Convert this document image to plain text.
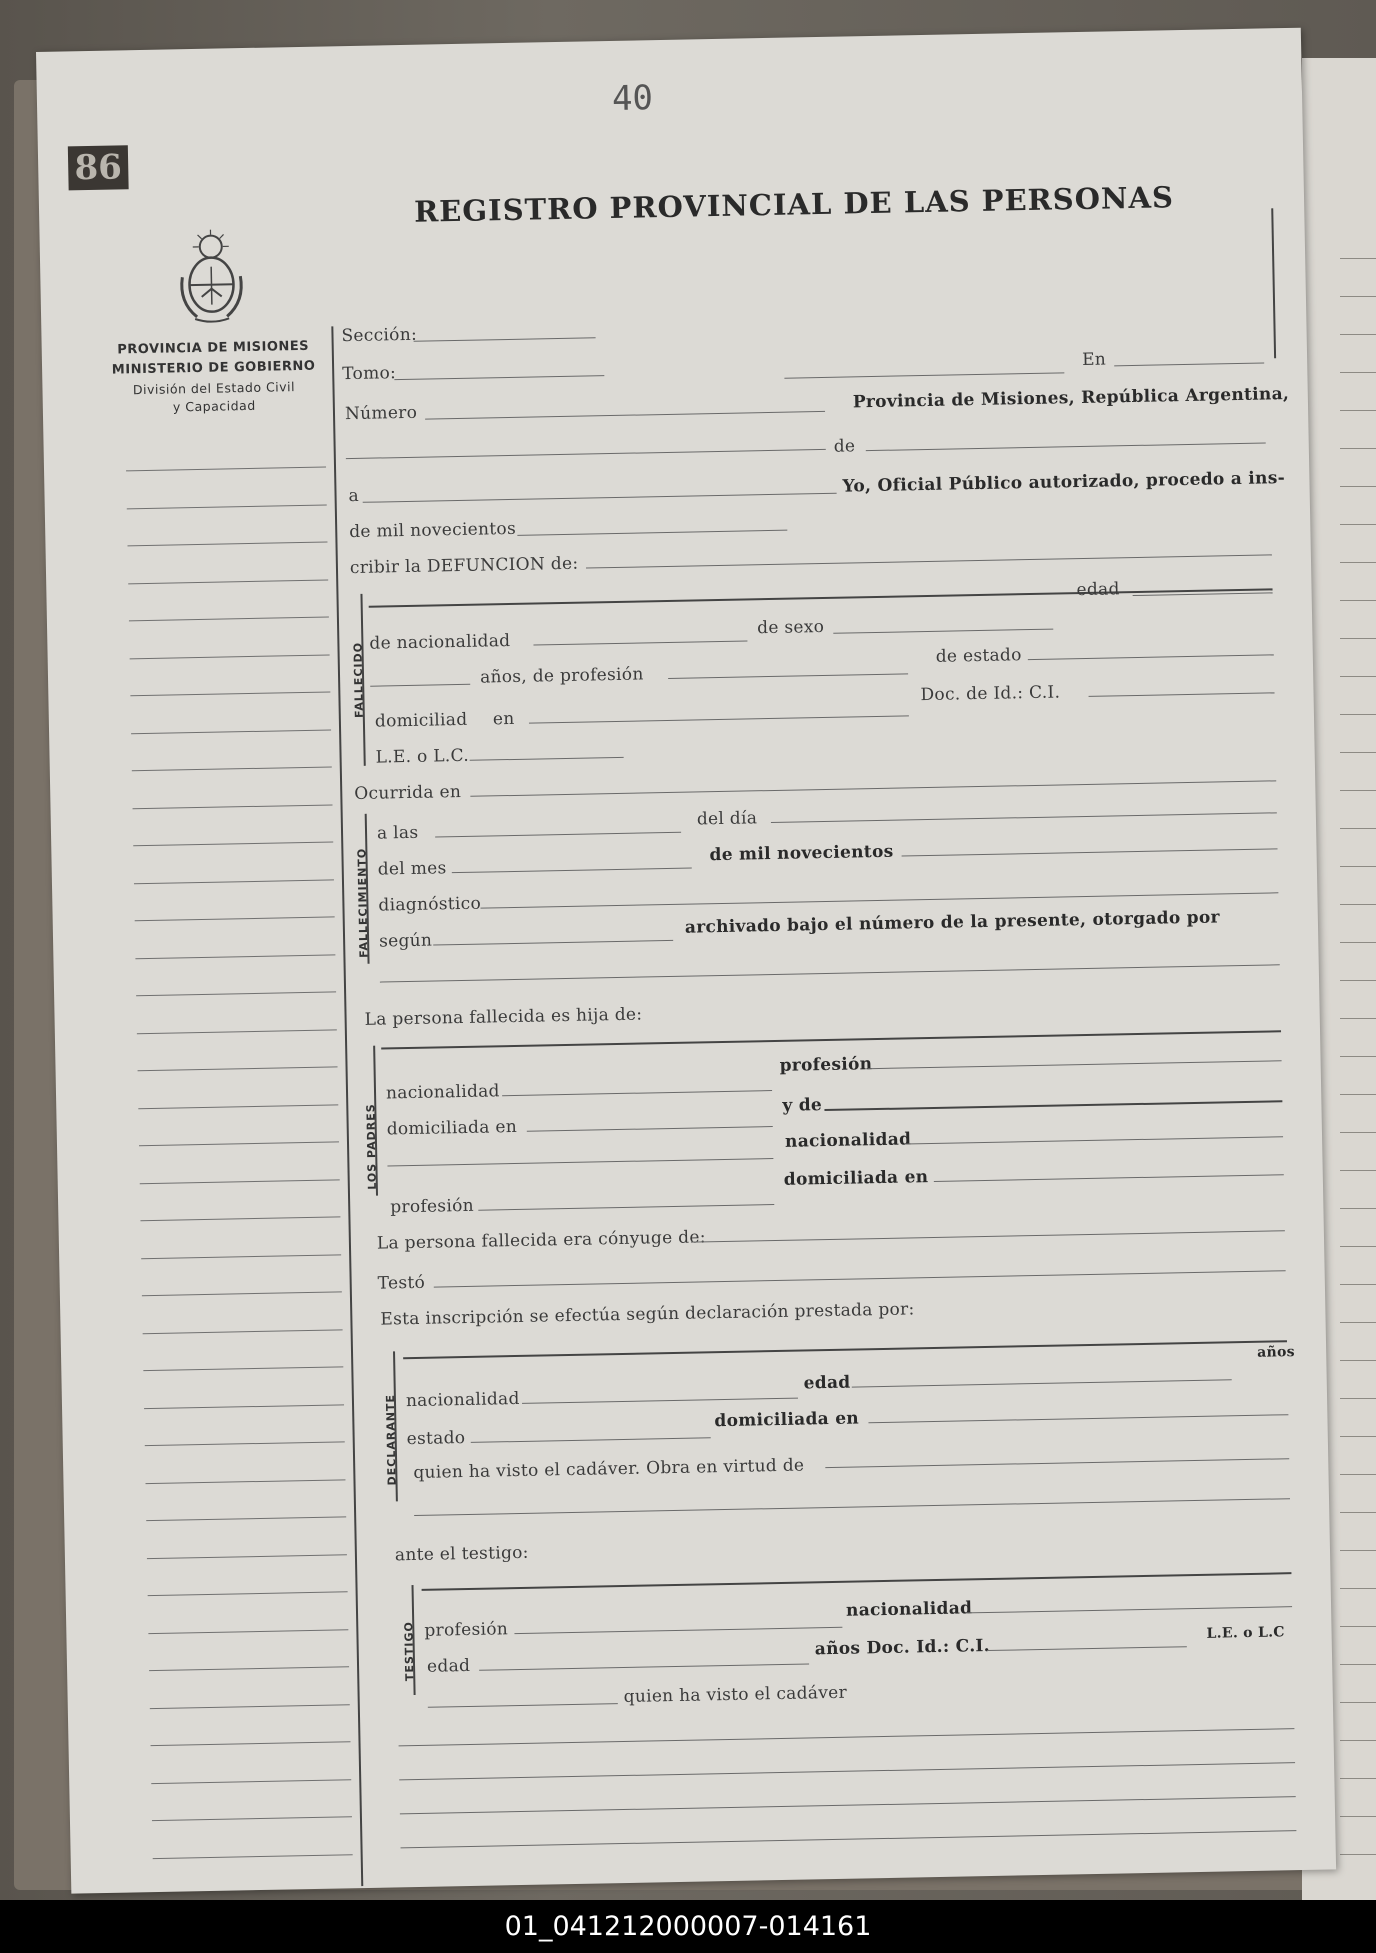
40
86
REGISTRO PROVINCIAL DE LAS PERSONAS
PROVINCIA DE MISIONES
MINISTERIO DE GOBIERNO
División del Estado Civil
y Capacidad
Sección:
Tomo:
En
Número
Provincia de Misiones, República Argentina,
de
a	Yo, Oficial Público autorizado, procedo a ins-
de mil novecientos
cribir la DEFUNCION de:
FALLECIDO
edad
de nacionalidad
de sexo
años, de profesión
de estado
domiciliad en
Doc. de Id.: C.I.
L.E. o L.C.
Ocurrida en
FALLECIMIENTO
a las
del día
del mes
de mil novecientos
diagnóstico
según
archivado bajo el número de la presente, otorgado por
La persona fallecida es hija de:
LOS PADRES
profesión
nacionalidad
domiciliada en
y de
nacionalidad
profesión
domiciliada en
La persona fallecida era cónyuge de:
Testó
Esta inscripción se efectúa según declaración prestada por:
DECLARANTE
años
nacionalidad
edad
estado
domiciliada en
quien ha visto el cadáver. Obra en virtud de
ante el testigo:
TESTIGO profesión
nacionalidad
edad
años Doc. Id.: C.I.
L.E. o L.C
quien ha visto el cadáver
01_041212000007-014161
